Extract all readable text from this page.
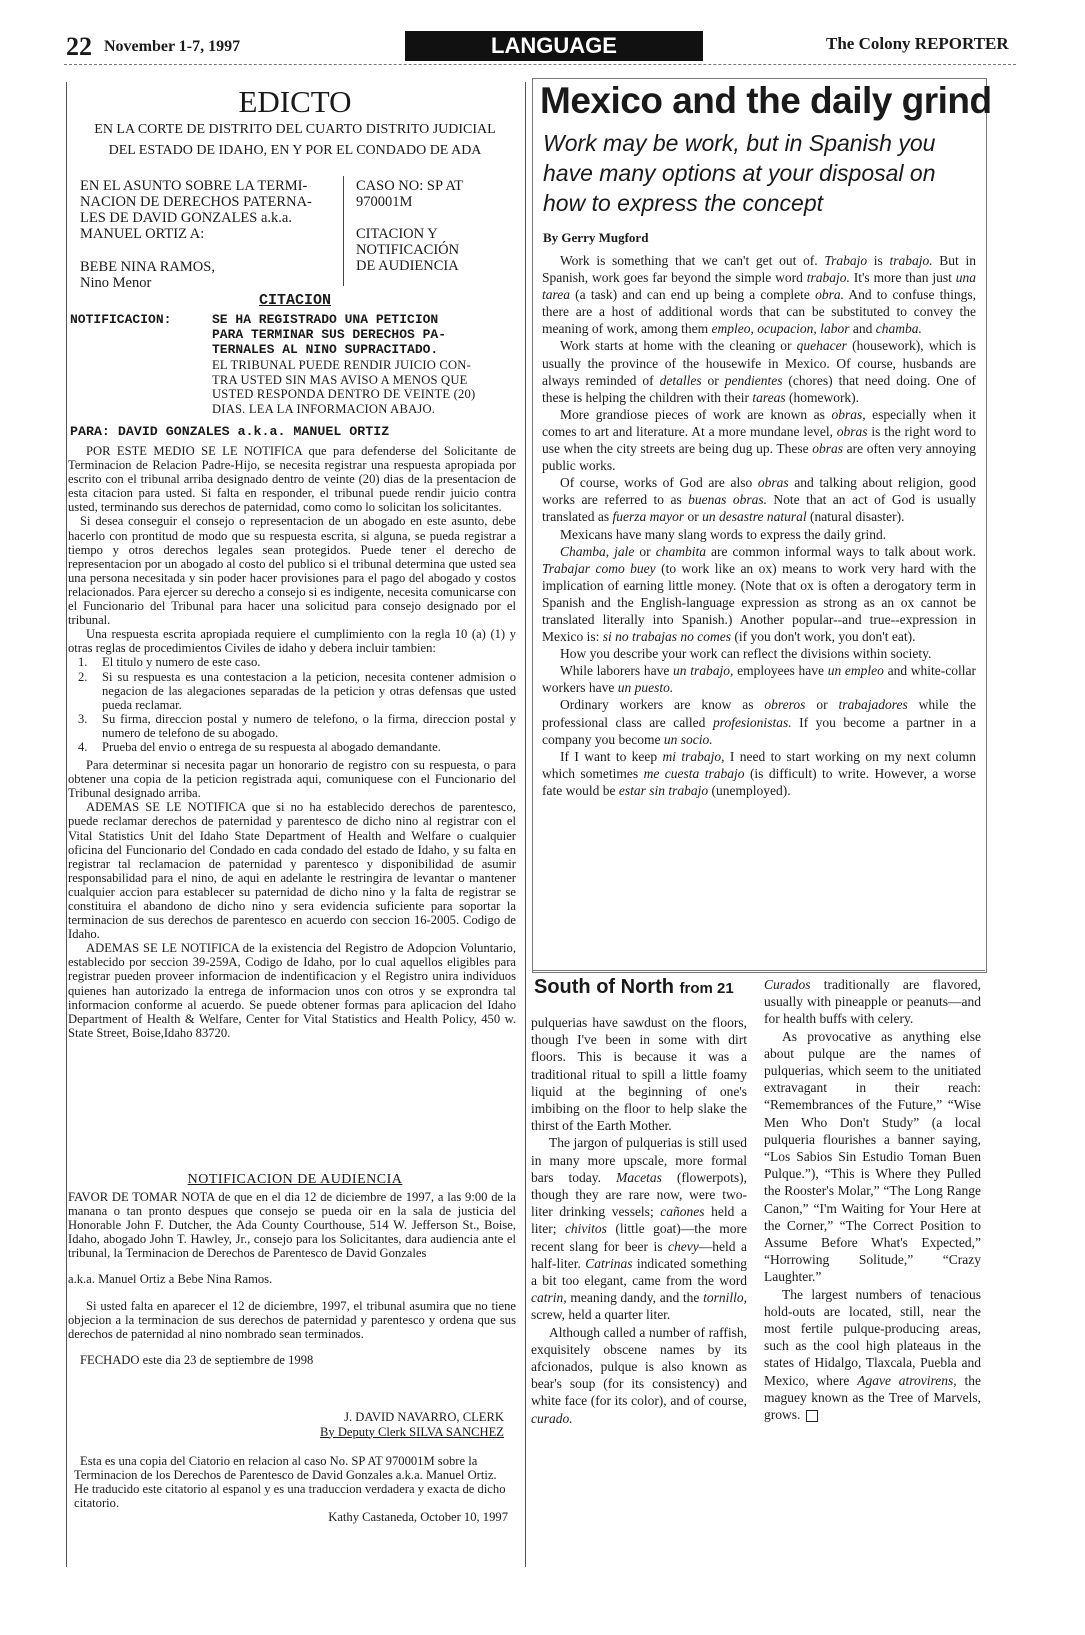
22 November 1-7, 1997	LANGUAGE	The Colony REPORTER
EDICTO
EN LA CORTE DE DISTRITO DEL CUARTO DISTRITO JUDICIAL
DEL ESTADO DE IDAHO, EN Y POR EL CONDADO DE ADA
EN EL ASUNTO SOBRE LA TERMI-
NACION DE DERECHOS PATERNA-
LES DE DAVID GONZALES a.k.a.
MANUEL ORTIZ A:
BEBE NINA RAMOS,
Nino Menor
CASO NO: SP AT
970001M
CITACION Y
NOTIFICACIÓN
DE AUDIENCIA
CITACION
NOTIFICACION:	SE HA REGISTRADO UNA PETICION
PARA TERMINAR SUS DERECHOS PA-
TERNALES AL NINO SUPRACITADO.
EL TRIBUNAL PUEDE RENDIR JUICIO CON-
TRA USTED SIN MAS AVISO A MENOS QUE
USTED RESPONDA DENTRO DE VEINTE (20)
DIAS. LEA LA INFORMACION ABAJO.
PARA: DAVID GONZALES a.k.a. MANUEL ORTIZ

POR ESTE MEDIO SE LE NOTIFICA que para defenderse del Solicitante de Terminacion de Relacion Padre-Hijo, se necesita registrar una respuesta apropiada por escrito con el tribunal arriba designado dentro de veinte (20) dias de la presentacion de esta citacion para usted. Si falta en responder, el tribunal puede rendir juicio contra usted, terminando sus derechos de paternidad, como como lo solicitan los solicitantes.

Si desea conseguir el consejo o representacion de un abogado en este asunto, debe hacerlo con prontitud de modo que su respuesta escrita, si alguna, se pueda registrar a tiempo y otros derechos legales sean protegidos. Puede tener el derecho de representacion por un abogado al costo del publico si el tribunal determina que usted sea una persona necesitada y sin poder hacer provisiones para el pago del abogado y costos relacionados. Para ejercer su derecho a consejo si es indigente, necesita comunicarse con el Funcionario del Tribunal para hacer una solicitud para consejo designado por el tribunal.

Una respuesta escrita apropiada requiere el cumplimiento con la regla 10 (a) (1) y otras reglas de procedimientos Civiles de idaho y debera incluir tambien:

1.	El titulo y numero de este caso.
2.	Si su respuesta es una contestacion a la peticion, necesita contener admision o negacion de las alegaciones separadas de la peticion y otras defensas que usted pueda reclamar.
3.	Su firma, direccion postal y numero de telefono, o la firma, direccion postal y numero de telefono de su abogado.
4.	Prueba del envio o entrega de su respuesta al abogado demandante.

Para determinar si necesita pagar un honorario de registro con su respuesta, o para obtener una copia de la peticion registrada aqui, comuniquese con el Funcionario del Tribunal designado arriba.

ADEMAS SE LE NOTIFICA que si no ha establecido derechos de parentesco, puede reclamar derechos de paternidad y parentesco de dicho nino al registrar con el Vital Statistics Unit del Idaho State Department of Health and Welfare o cualquier oficina del Funcionario del Condado en cada condado del estado de Idaho, y su falta en registrar tal reclamacion de paternidad y parentesco y disponibilidad de asumir responsabilidad para el nino, de aqui en adelante le restringira de levantar o mantener cualquier accion para establecer su paternidad de dicho nino y la falta de registrar se constituira el abandono de dicho nino y sera evidencia suficiente para soportar la terminacion de sus derechos de parentesco en acuerdo con seccion 16-2005. Codigo de Idaho.

ADEMAS SE LE NOTIFICA de la existencia del Registro de Adopcion Voluntario, establecido por seccion 39-259A, Codigo de Idaho, por lo cual aquellos eligibles para registrar pueden proveer informacion de indentificacion y el Registro unira individuos quienes han autorizado la entrega de informacion unos con otros y se exprondra tal informacion conforme al acuerdo. Se puede obtener formas para aplicacion del Idaho Department of Health & Welfare, Center for Vital Statistics and Health Policy, 450 w. State Street, Boise,Idaho 83720.

NOTIFICACION DE AUDIENCIA

FAVOR DE TOMAR NOTA de que en el dia 12 de diciembre de 1997, a las 9:00 de la manana o tan pronto despues que consejo se pueda oir en la sala de justicia del Honorable John F. Dutcher, the Ada County Courthouse, 514 W. Jefferson St., Boise, Idaho, abogado John T. Hawley, Jr., consejo para los Solicitantes, dara audiencia ante el tribunal, la Terminacion de Derechos de Parentesco de David Gonzales

a.k.a. Manuel Ortiz a Bebe Nina Ramos.

Si usted falta en aparecer el 12 de diciembre, 1997, el tribunal asumira que no tiene objecion a la terminacion de sus derechos de paternidad y parentesco y ordena que sus derechos de paternidad al nino nombrado sean terminados.

FECHADO este dia 23 de septiembre de 1998

J. DAVID NAVARRO, CLERK
By Deputy Clerk SILVA SANCHEZ

Esta es una copia del Ciatorio en relacion al caso No. SP AT 970001M sobre la Terminacion de los Derechos de Parentesco de David Gonzales a.k.a. Manuel Ortiz. He traducido este citatorio al espanol y es una traduccion verdadera y exacta de dicho citatorio.

Kathy Castaneda, October 10, 1997
Mexico and the daily grind
Work may be work, but in Spanish you have many options at your disposal on how to express the concept
By Gerry Mugford

Work is something that we can't get out of. Trabajo is trabajo. But in Spanish, work goes far beyond the simple word trabajo. It's more than just una tarea (a task) and can end up being a complete obra. And to confuse things, there are a host of additional words that can be substituted to convey the meaning of work, among them empleo, ocupacion, labor and chamba.

Work starts at home with the cleaning or quehacer (housework), which is usually the province of the housewife in Mexico. Of course, husbands are always reminded of detalles or pendientes (chores) that need doing. One of these is helping the children with their tareas (homework).

More grandiose pieces of work are known as obras, especially when it comes to art and literature. At a more mundane level, obras is the right word to use when the city streets are being dug up. These obras are often very annoying public works.

Of course, works of God are also obras and talking about religion, good works are referred to as buenas obras. Note that an act of God is usually translated as fuerza mayor or un desastre natural (natural disaster).

Mexicans have many slang words to express the daily grind.

Chamba, jale or chambita are common informal ways to talk about work. Trabajar como buey (to work like an ox) means to work very hard with the implication of earning little money. (Note that ox is often a derogatory term in Spanish and the English-language expression as strong as an ox cannot be translated literally into Spanish.) Another popular--and true--expression in Mexico is: si no trabajas no comes (if you don't work, you don't eat).

How you describe your work can reflect the divisions within society.

While laborers have un trabajo, employees have un empleo and white-collar workers have un puesto.

Ordinary workers are know as obreros or trabajadores while the professional class are called profesionistas. If you become a partner in a company you become un socio.

If I want to keep mi trabajo, I need to start working on my next column which sometimes me cuesta trabajo (is difficult) to write. However, a worse fate would be estar sin trabajo (unemployed).

South of North from 21

pulquerias have sawdust on the floors, though I've been in some with dirt floors. This is because it was a traditional ritual to spill a little foamy liquid at the beginning of one's imbibing on the floor to help slake the thirst of the Earth Mother.

The jargon of pulquerias is still used in many more upscale, more formal bars today. Macetas (flowerpots), though they are rare now, were two-liter drinking vessels; cañones held a liter; chivitos (little goat)—the more recent slang for beer is chevy—held a half-liter. Catrinas indicated something a bit too elegant, came from the word catrin, meaning dandy, and the tornillo, screw, held a quarter liter.

Although called a number of raffish, exquisitely obscene names by its afcionados, pulque is also known as bear's soup (for its consistency) and white face (for its color), and of course, curado.

Curados traditionally are flavored, usually with pineapple or peanuts—and for health buffs with celery.

As provocative as anything else about pulque are the names of pulquerias, which seem to the unitiated extravagant in their reach: “Remembrances of the Future,” “Wise Men Who Don't Study” (a local pulqueria flourishes a banner saying, “Los Sabios Sin Estudio Toman Buen Pulque.”), “This is Where they Pulled the Rooster's Molar,” “The Long Range Canon,” “I'm Waiting for Your Here at the Corner,” “The Correct Position to Assume Before What's Expected,” “Horrowing Solitude,” “Crazy Laughter.”

The largest numbers of tenacious hold-outs are located, still, near the most fertile pulque-producing areas, such as the cool high plateaus in the states of Hidalgo, Tlaxcala, Puebla and Mexico, where Agave atrovirens, the maguey known as the Tree of Marvels, grows.
